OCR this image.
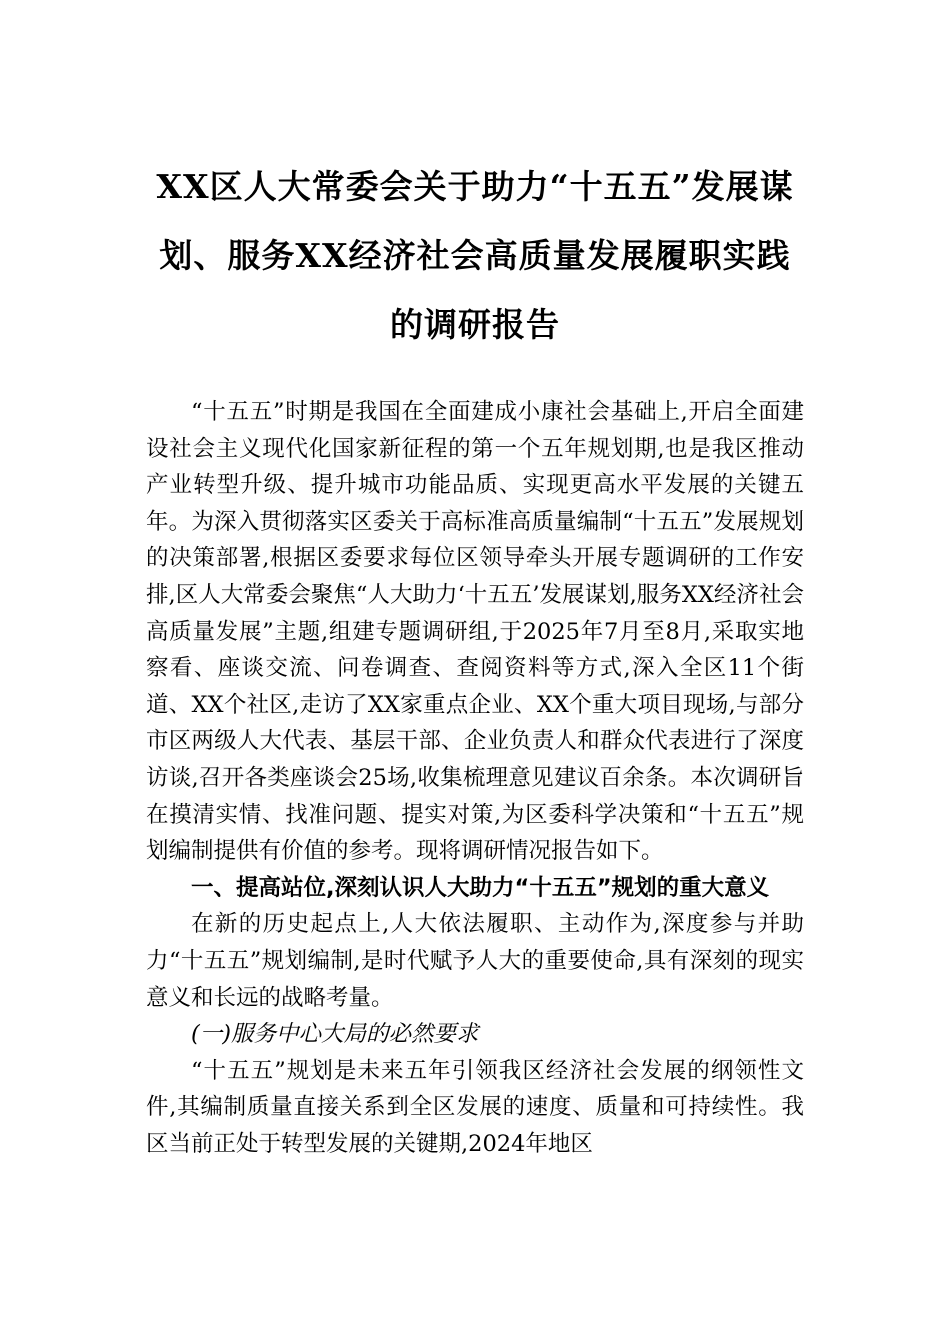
XX区人大常委会关于助力“十五五”发展谋划、服务XX经济社会高质量发展履职实践的调研报告

“十五五”时期是我国在全面建成小康社会基础上,开启全面建设社会主义现代化国家新征程的第一个五年规划期,也是我区推动产业转型升级、提升城市功能品质、实现更高水平发展的关键五年。为深入贯彻落实区委关于高标准高质量编制“十五五”发展规划的决策部署,根据区委要求每位区领导牵头开展专题调研的工作安排,区人大常委会聚焦“人大助力‘十五五’发展谋划,服务XX经济社会高质量发展”主题,组建专题调研组,于2025年7月至8月,采取实地察看、座谈交流、问卷调查、查阅资料等方式,深入全区11个街道、XX个社区,走访了XX家重点企业、XX个重大项目现场,与部分市区两级人大代表、基层干部、企业负责人和群众代表进行了深度访谈,召开各类座谈会25场,收集梳理意见建议百余条。本次调研旨在摸清实情、找准问题、提实对策,为区委科学决策和“十五五”规划编制提供有价值的参考。现将调研情况报告如下。

一、提高站位,深刻认识人大助力“十五五”规划的重大意义

在新的历史起点上,人大依法履职、主动作为,深度参与并助力“十五五”规划编制,是时代赋予人大的重要使命,具有深刻的现实意义和长远的战略考量。

(一)服务中心大局的必然要求

“十五五”规划是未来五年引领我区经济社会发展的纲领性文件,其编制质量直接关系到全区发展的速度、质量和可持续性。我区当前正处于转型发展的关键期,2024年地区
